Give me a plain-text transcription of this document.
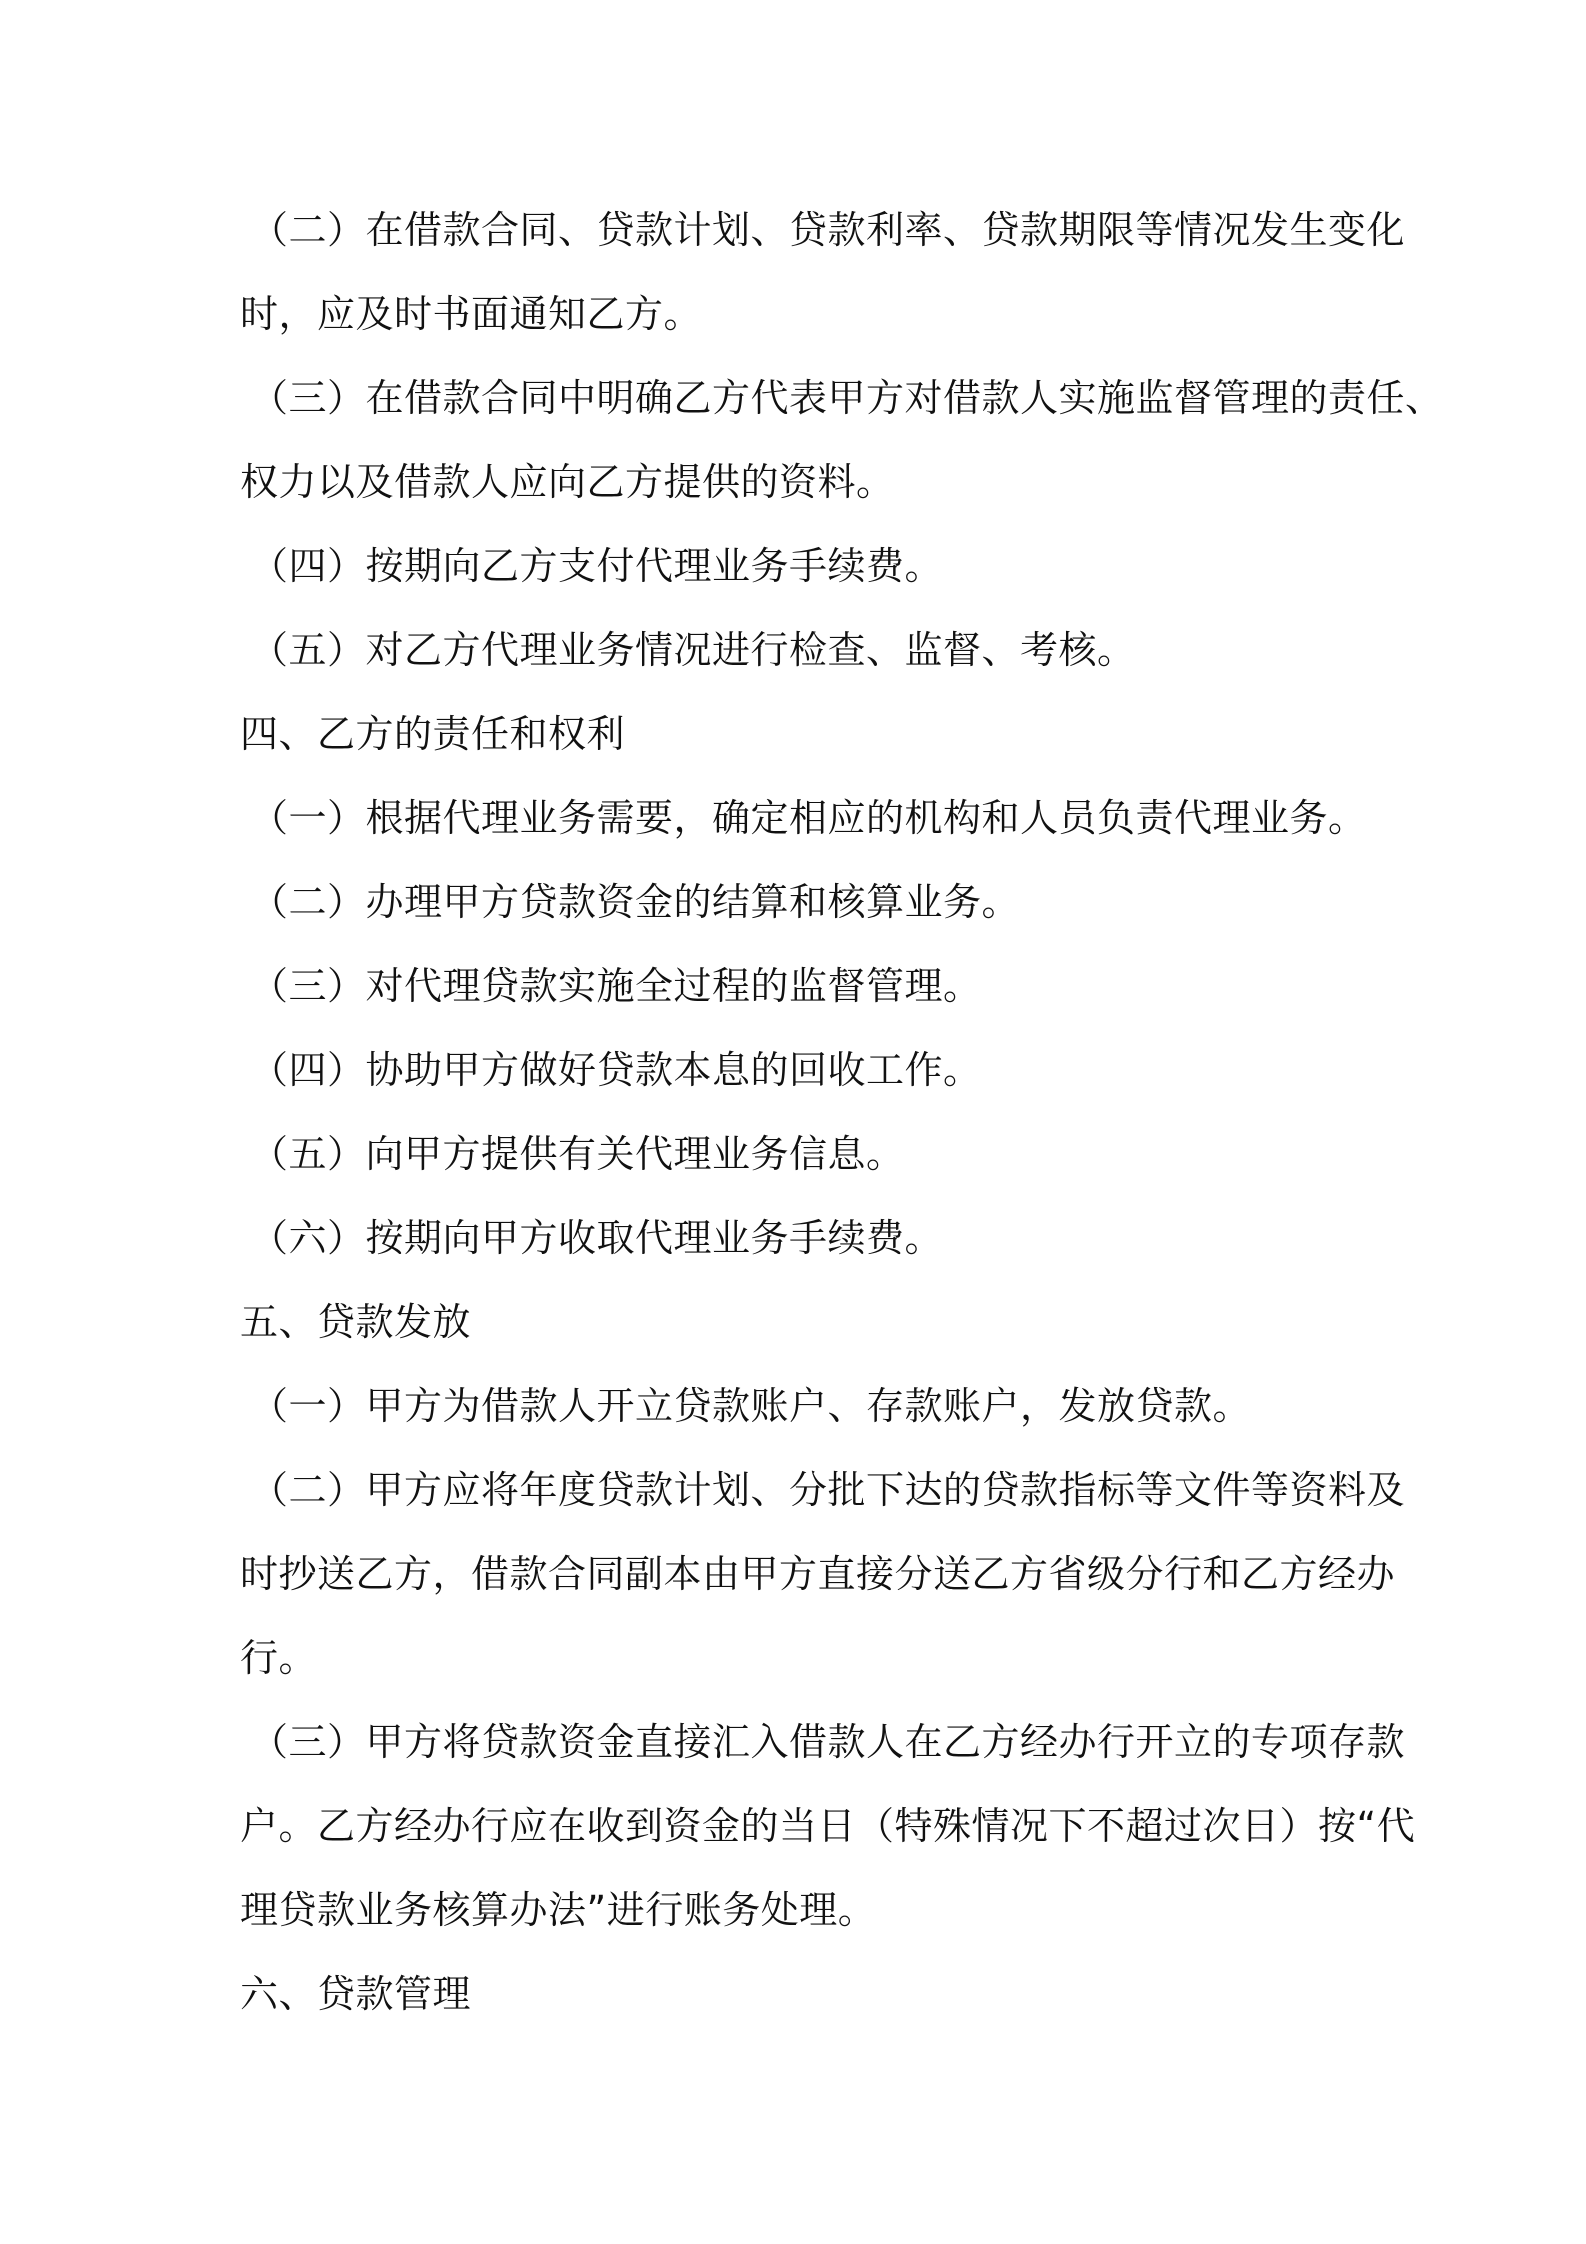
（二）在借款合同、贷款计划、贷款利率、贷款期限等情况发生变化
时，应及时书面通知乙方。
（三）在借款合同中明确乙方代表甲方对借款人实施监督管理的责任、
权力以及借款人应向乙方提供的资料。
（四）按期向乙方支付代理业务手续费。
（五）对乙方代理业务情况进行检查、监督、考核。
四、乙方的责任和权利
（一）根据代理业务需要，确定相应的机构和人员负责代理业务。
（二）办理甲方贷款资金的结算和核算业务。
（三）对代理贷款实施全过程的监督管理。
（四）协助甲方做好贷款本息的回收工作。
（五）向甲方提供有关代理业务信息。
（六）按期向甲方收取代理业务手续费。
五、贷款发放
（一）甲方为借款人开立贷款账户、存款账户，发放贷款。
（二）甲方应将年度贷款计划、分批下达的贷款指标等文件等资料及
时抄送乙方，借款合同副本由甲方直接分送乙方省级分行和乙方经办
行。
（三）甲方将贷款资金直接汇入借款人在乙方经办行开立的专项存款
户。乙方经办行应在收到资金的当日（特殊情况下不超过次日）按“代
理贷款业务核算办法”进行账务处理。
六、贷款管理
